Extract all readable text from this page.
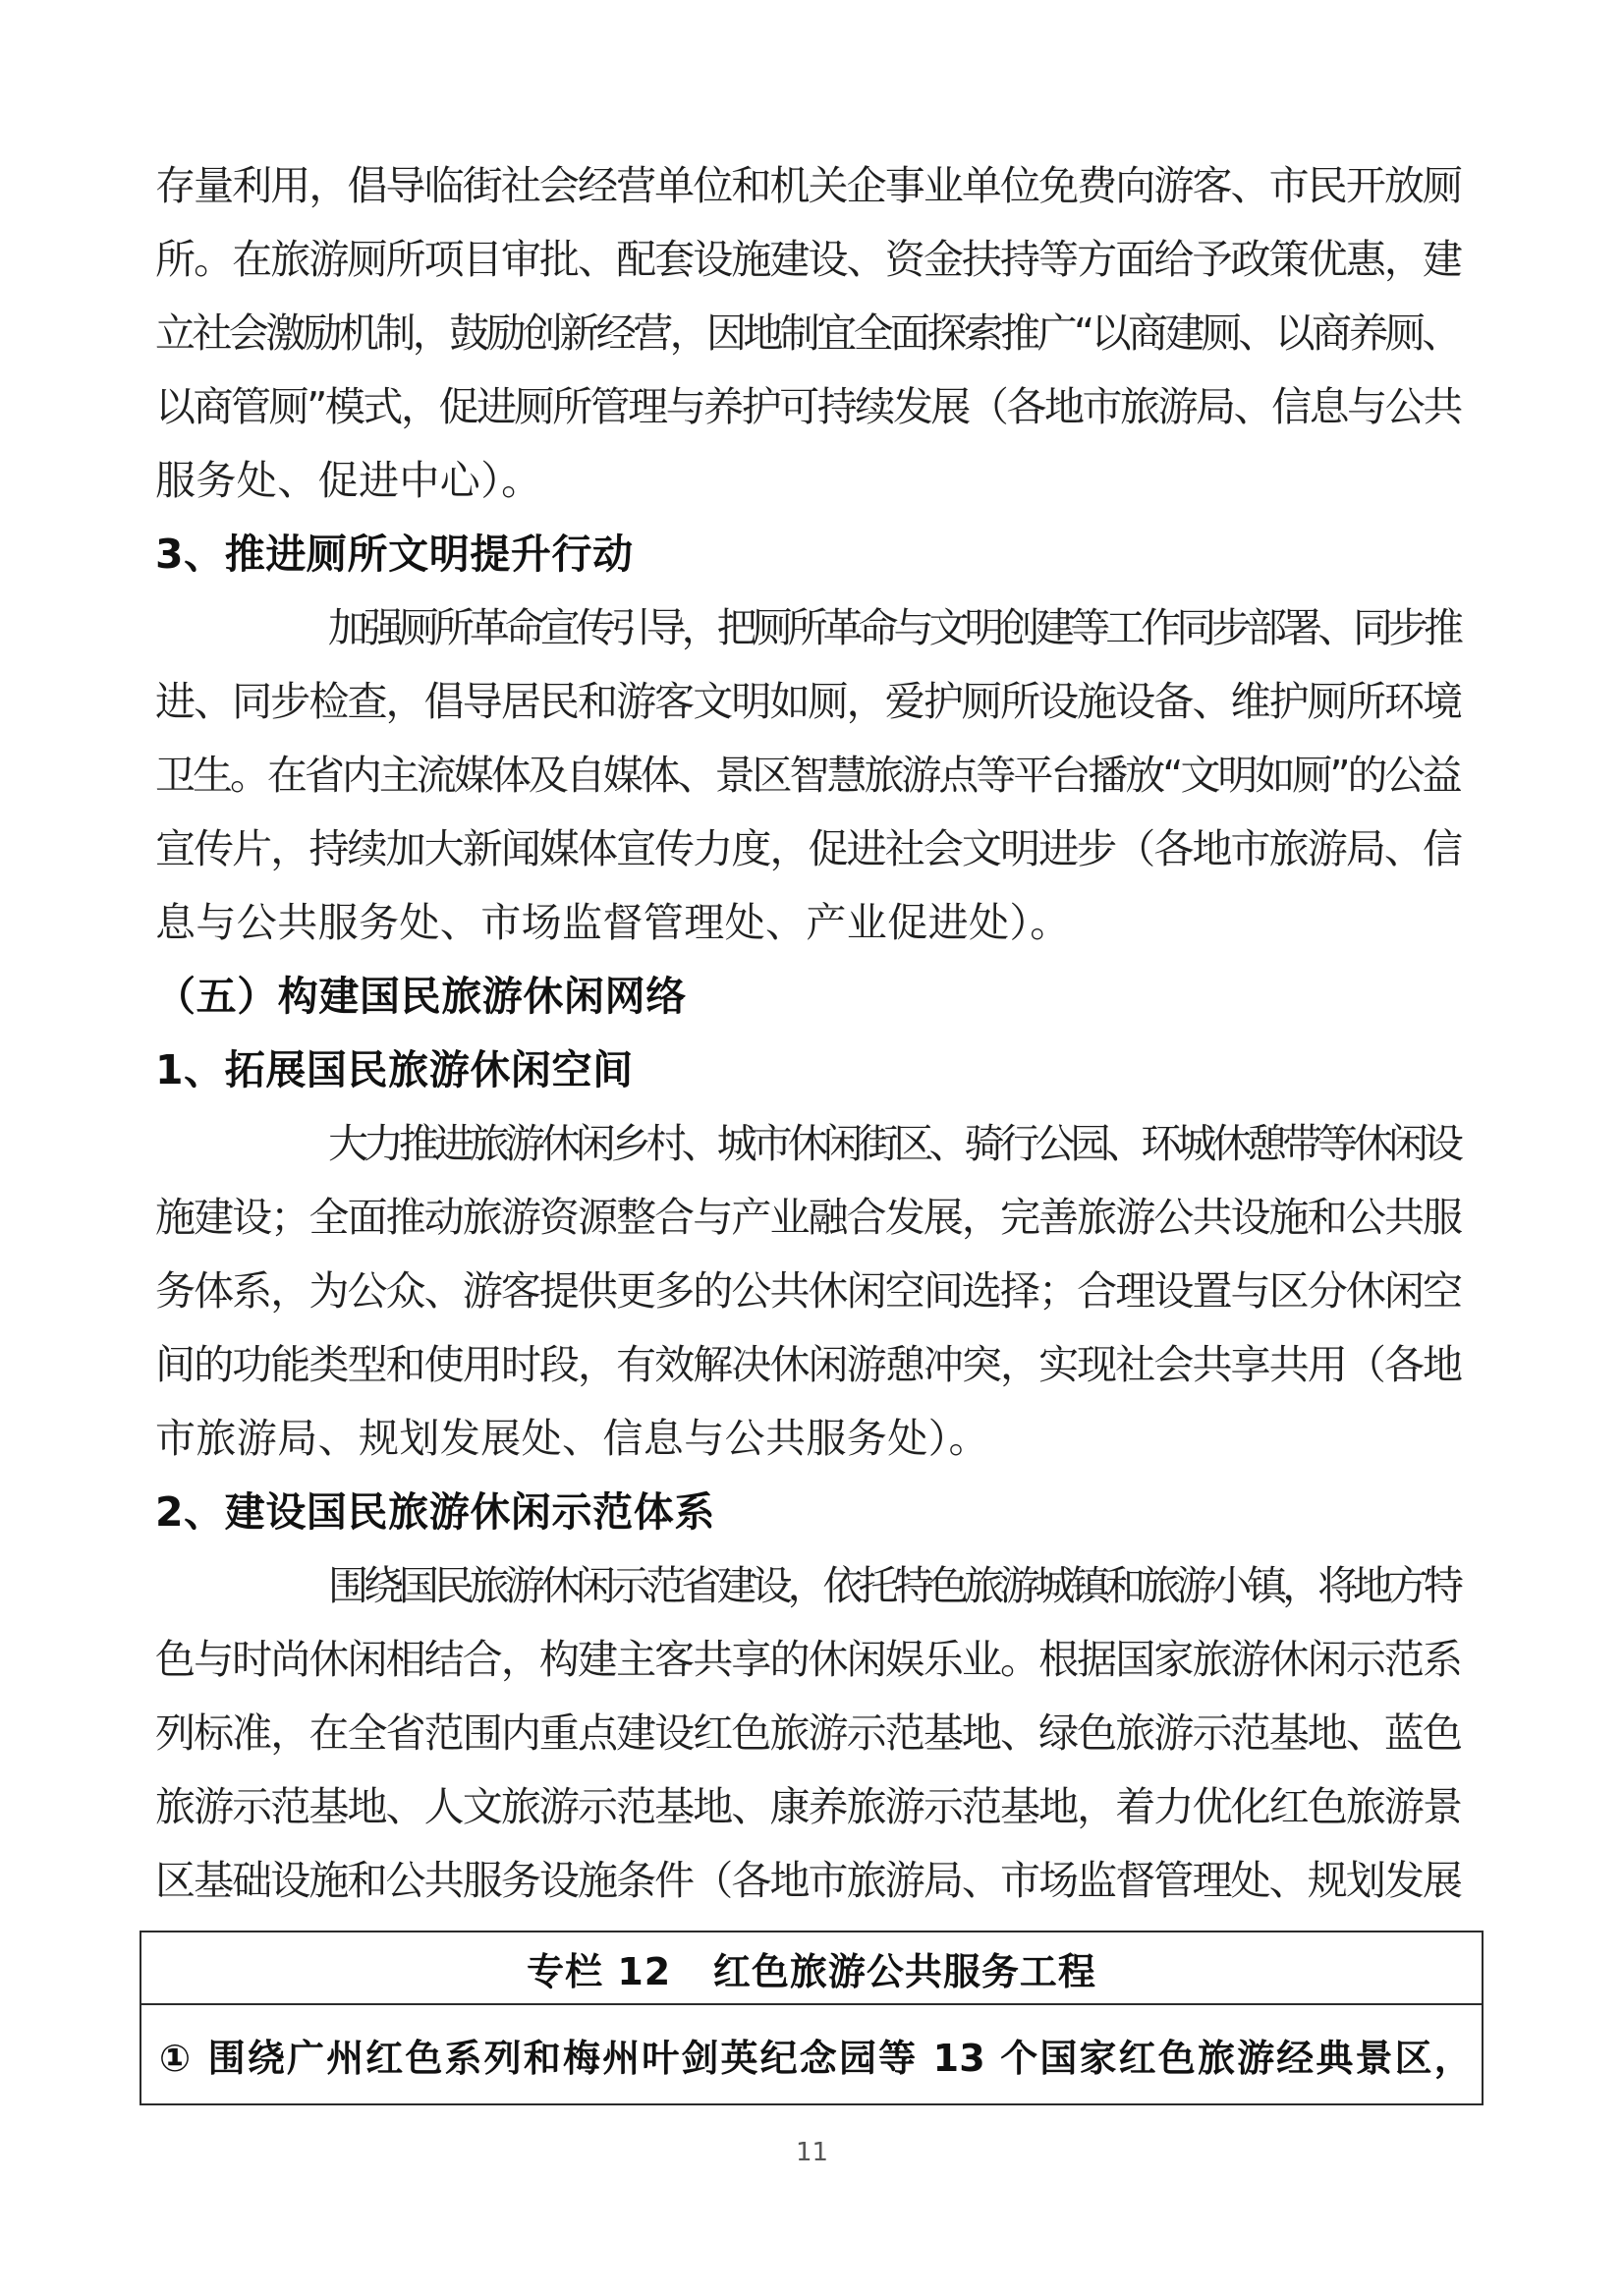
存量利用，倡导临街社会经营单位和机关企事业单位免费向游客、市民开放厕
所。在旅游厕所项目审批、配套设施建设、资金扶持等方面给予政策优惠，建
立社会激励机制，鼓励创新经营，因地制宜全面探索推广“以商建厕、以商养厕、
以商管厕”模式，促进厕所管理与养护可持续发展（各地市旅游局、信息与公共
服务处、促进中心）。
3、推进厕所文明提升行动
加强厕所革命宣传引导，把厕所革命与文明创建等工作同步部署、同步推
进、同步检查，倡导居民和游客文明如厕，爱护厕所设施设备、维护厕所环境
卫生。在省内主流媒体及自媒体、景区智慧旅游点等平台播放“文明如厕”的公益
宣传片，持续加大新闻媒体宣传力度，促进社会文明进步（各地市旅游局、信
息与公共服务处、市场监督管理处、产业促进处）。
（五）构建国民旅游休闲网络
1、拓展国民旅游休闲空间
大力推进旅游休闲乡村、城市休闲街区、骑行公园、环城休憩带等休闲设
施建设；全面推动旅游资源整合与产业融合发展，完善旅游公共设施和公共服
务体系，为公众、游客提供更多的公共休闲空间选择；合理设置与区分休闲空
间的功能类型和使用时段，有效解决休闲游憩冲突，实现社会共享共用（各地
市旅游局、规划发展处、信息与公共服务处）。
2、建设国民旅游休闲示范体系
围绕国民旅游休闲示范省建设，依托特色旅游城镇和旅游小镇，将地方特
色与时尚休闲相结合，构建主客共享的休闲娱乐业。根据国家旅游休闲示范系
列标准，在全省范围内重点建设红色旅游示范基地、绿色旅游示范基地、蓝色
旅游示范基地、人文旅游示范基地、康养旅游示范基地，着力优化红色旅游景
区基础设施和公共服务设施条件（各地市旅游局、市场监督管理处、规划发展
专栏 12   红色旅游公共服务工程
① 围绕广州红色系列和梅州叶剑英纪念园等 13 个国家红色旅游经典景区，
11
